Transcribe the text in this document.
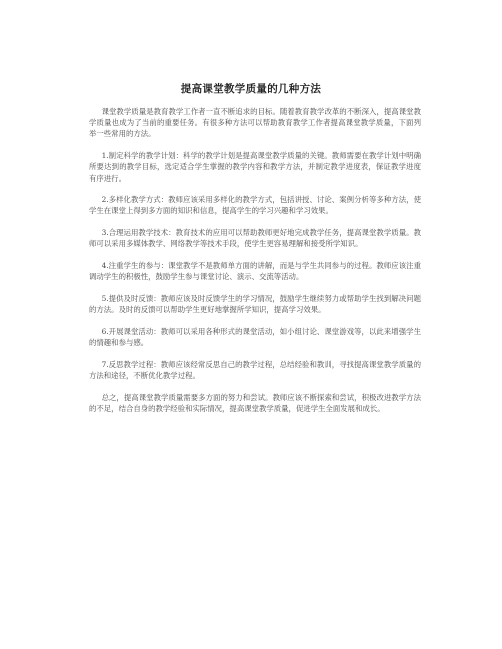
提高课堂教学质量的几种方法

课堂教学质量是教育教学工作者一直不断追求的目标。随着教育教学改革的不断深入，提高课堂教学质量也成为了当前的重要任务。有很多种方法可以帮助教育教学工作者提高课堂教学质量，下面列举一些常用的方法。

1.制定科学的教学计划：科学的教学计划是提高课堂教学质量的关键。教师需要在教学计划中明确所要达到的教学目标，选定适合学生掌握的教学内容和教学方法，并制定教学进度表，保证教学进度有序进行。

2.多样化教学方式：教师应该采用多样化的教学方式，包括讲授、讨论、案例分析等多种方法，使学生在课堂上得到多方面的知识和信息，提高学生的学习兴趣和学习效果。

3.合理运用教学技术：教育技术的应用可以帮助教师更好地完成教学任务，提高课堂教学质量。教师可以采用多媒体教学、网络教学等技术手段，使学生更容易理解和接受所学知识。

4.注重学生的参与：课堂教学不是教师单方面的讲解，而是与学生共同参与的过程。教师应该注重调动学生的积极性，鼓励学生参与课堂讨论、演示、交流等活动。

5.提供及时反馈：教师应该及时反馈学生的学习情况，鼓励学生继续努力或帮助学生找到解决问题的方法。及时的反馈可以帮助学生更好地掌握所学知识，提高学习效果。

6.开展课堂活动：教师可以采用各种形式的课堂活动，如小组讨论、课堂游戏等，以此来增强学生的情趣和参与感。

7.反思教学过程：教师应该经常反思自己的教学过程，总结经验和教训，寻找提高课堂教学质量的方法和途径，不断优化教学过程。

总之，提高课堂教学质量需要多方面的努力和尝试。教师应该不断探索和尝试，积极改进教学方法的不足，结合自身的教学经验和实际情况，提高课堂教学质量，促进学生全面发展和成长。
